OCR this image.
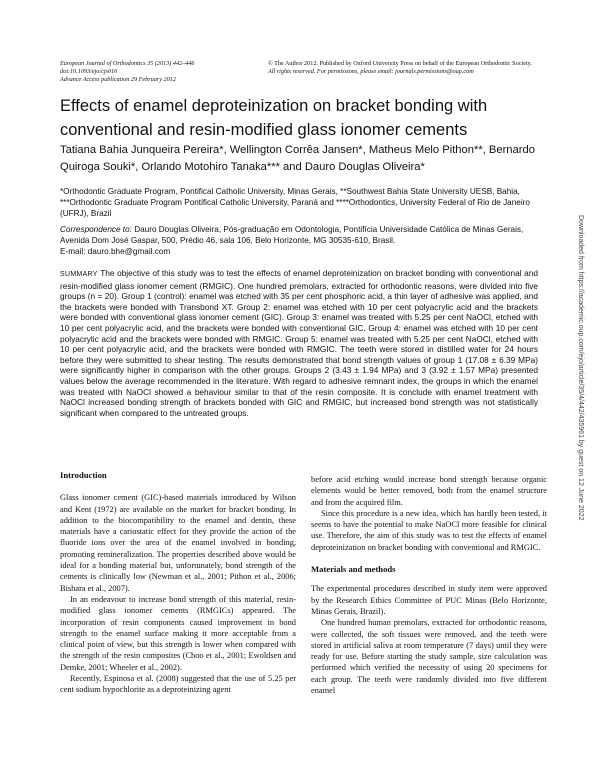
European Journal of Orthodontics 35 (2013) 442–446
doi:10.1093/ejo/cjs016
Advance Access publication 29 February 2012
© The Author 2012. Published by Oxford University Press on behalf of the European Orthodontic Society.
All rights reserved. For permissions, please email: journals.permissions@oup.com
Effects of enamel deproteinization on bracket bonding with conventional and resin-modified glass ionomer cements
Tatiana Bahia Junqueira Pereira*, Wellington Corrêa Jansen*, Matheus Melo Pithon**, Bernardo Quiroga Souki*, Orlando Motohiro Tanaka*** and Dauro Douglas Oliveira*
*Orthodontic Graduate Program, Pontifical Catholic University, Minas Gerais, **Southwest Bahia State University UESB, Bahia, ***Orthodontic Graduate Program Pontifical Catholic University, Paraná and ****Orthodontics, University Federal of Rio de Janeiro (UFRJ), Brazil
Correspondence to: Dauro Douglas Oliveira, Pós-graduação em Odontologia, Pontifícia Universidade Católica de Minas Gerais, Avenida Dom José Gaspar, 500, Prédio 46, sala 106, Belo Horizonte, MG 30535-610, Brasil.
E-mail: dauro.bhe@gmail.com
SUMMARY The objective of this study was to test the effects of enamel deproteinization on bracket bonding with conventional and resin-modified glass ionomer cement (RMGIC). One hundred premolars, extracted for orthodontic reasons, were divided into five groups (n = 20). Group 1 (control): enamel was etched with 35 per cent phosphoric acid, a thin layer of adhesive was applied, and the brackets were bonded with Transbond XT. Group 2: enamel was etched with 10 per cent polyacrylic acid and the brackets were bonded with conventional glass ionomer cement (GIC). Group 3: enamel was treated with 5.25 per cent NaOCl, etched with 10 per cent polyacrylic acid, and the brackets were bonded with conventional GIC. Group 4: enamel was etched with 10 per cent polyacrylic acid and the brackets were bonded with RMGIC. Group 5: enamel was treated with 5.25 per cent NaOCl, etched with 10 per cent polyacrylic acid, and the brackets were bonded with RMGIC. The teeth were stored in distilled water for 24 hours before they were submitted to shear testing. The results demonstrated that bond strength values of group 1 (17.08 ± 6.39 MPa) were significantly higher in comparison with the other groups. Groups 2 (3.43 ± 1.94 MPa) and 3 (3.92 ± 1.57 MPa) presented values below the average recommended in the literature. With regard to adhesive remnant index, the groups in which the enamel was treated with NaOCl showed a behaviour similar to that of the resin composite. It is conclude with enamel treatment with NaOCl increased bonding strength of brackets bonded with GIC and RMGIC, but increased bond strength was not statistically significant when compared to the untreated groups.
Introduction

Glass ionomer cement (GIC)-based materials introduced by Wilson and Kent (1972) are available on the market for bracket bonding. In addition to the biocompatibility to the enamel and dentin, these materials have a cariostatic effect for they provide the action of the fluoride ions over the area of the enamel involved in bonding, promoting remineralization. The properties described above would be ideal for a bonding material but, unfortunately, bond strength of the cements is clinically low (Newman et al., 2001; Pithon et al., 2006; Bishara et al., 2007).

In an endeavour to increase bond strength of this material, resin-modified glass ionomer cements (RMGICs) appeared. The incorporation of resin components caused improvement in bond strength to the enamel surface making it more acceptable from a clinical point of view, but this strength is lower when compared with the strength of the resin composites (Choo et al., 2001; Ewoldsen and Demke, 2001; Wheeler et al., 2002).

Recently, Espinosa et al. (2008) suggested that the use of 5.25 per cent sodium hypochlorite as a deproteinizing agent

before acid etching would increase bond strength because organic elements would be better removed, both from the enamel structure and from the acquired film.

Since this procedure is a new idea, which has hardly been tested, it seems to have the potential to make NaOCl more feasible for clinical use. Therefore, the aim of this study was to test the effects of enamel deproteinization on bracket bonding with conventional and RMGIC.

Materials and methods

The experimental procedures described in study item were approved by the Research Ethics Committee of PUC Minas (Belo Horizonte, Minas Gerais, Brazil).

One hundred human premolars, extracted for orthodontic reasons, were collected, the soft tissues were removed, and the teeth were stored in artificial saliva at room temperature (7 days) until they were ready for use. Before starting the study sample, size calculation was performed which verified the necessity of using 20 specimens for each group. The teeth were randomly divided into five different enamel

Downloaded from https://academic.oup.com/ejo/article/35/4/442/435961 by guest on 12 June 2022
